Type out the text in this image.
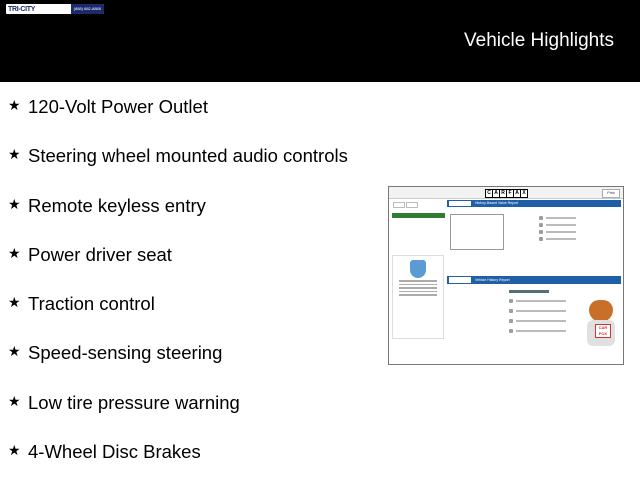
TRI-CITY	(888) 882-8885
Vehicle Highlights
★ 120-Volt Power Outlet
★ Steering wheel mounted audio controls
★ Remote keyless entry
★ Power driver seat
★ Traction control
★ Speed-sensing steering
★ Low tire pressure warning
★ 4-Wheel Disc Brakes
C A R F A X	Print
History-Based Value Report
Vehicle History Report
CAR FOX
